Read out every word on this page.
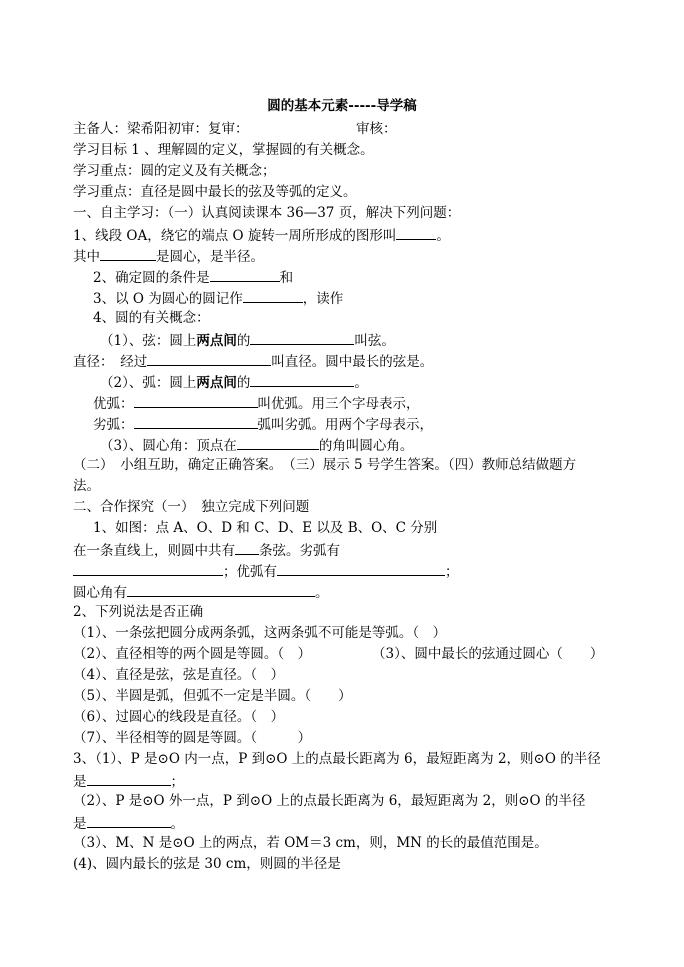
圆的基本元素-----导学稿
主备人：梁希阳初审：复审：	审核：
学习目标 1 、理解圆的定义，掌握圆的有关概念。
学习重点：圆的定义及有关概念；
学习重点：直径是圆中最长的弦及等弧的定义。
一、自主学习：（一）认真阅读课本 36—37 页，解决下列问题：
1、线段 OA，绕它的端点 O 旋转一周所形成的图形叫	。
其中	是圆心，是半径。
2、确定圆的条件是	和
3、以 O 为圆心的圆记作	，读作
4、圆的有关概念：
（1）、弦：圆上两点间的	叫弦。
直径：　经过	叫直径。圆中最长的弦是。
（2）、弧：圆上两点间的	。
优弧：	叫优弧。用三个字母表示，
劣弧：	弧叫劣弧。用两个字母表示，
（3）、圆心角：顶点在	的角叫圆心角。
（二）　小组互助，确定正确答案。　（三）展示 5 号学生答案。（四）教师总结做题方
法。
二、合作探究（一）　独立完成下列问题
1、如图：点 A、O、D 和 C、D、E 以及 B、O、C 分别
在一条直线上，则圆中共有 条弦。劣弧有
；优弧有	；
圆心角有	。
2、下列说法是否正确
（1）、一条弦把圆分成两条弧，这两条弧不可能是等弧。（　）
（2）、直径相等的两个圆是等圆。（　）	（3）、圆中最长的弦通过圆心（　　）
（4）、直径是弦，弦是直径。（　）
（5）、半圆是弧，但弧不一定是半圆。（　　）
（6）、过圆心的线段是直径。（　）
（7）、半径相等的圆是等圆。（　　　）
3、（1）、P 是⊙O 内一点，P 到⊙O 上的点最长距离为 6，最短距离为 2，则⊙O 的半径
是	；
（2）、P 是⊙O 外一点，P 到⊙O 上的点最长距离为 6，最短距离为 2，则⊙O 的半径
是	。
（3）、M、N 是⊙O 上的两点，若 OM＝3 cm，则，MN 的长的最值范围是。
(4)、圆内最长的弦是 30 cm，则圆的半径是
